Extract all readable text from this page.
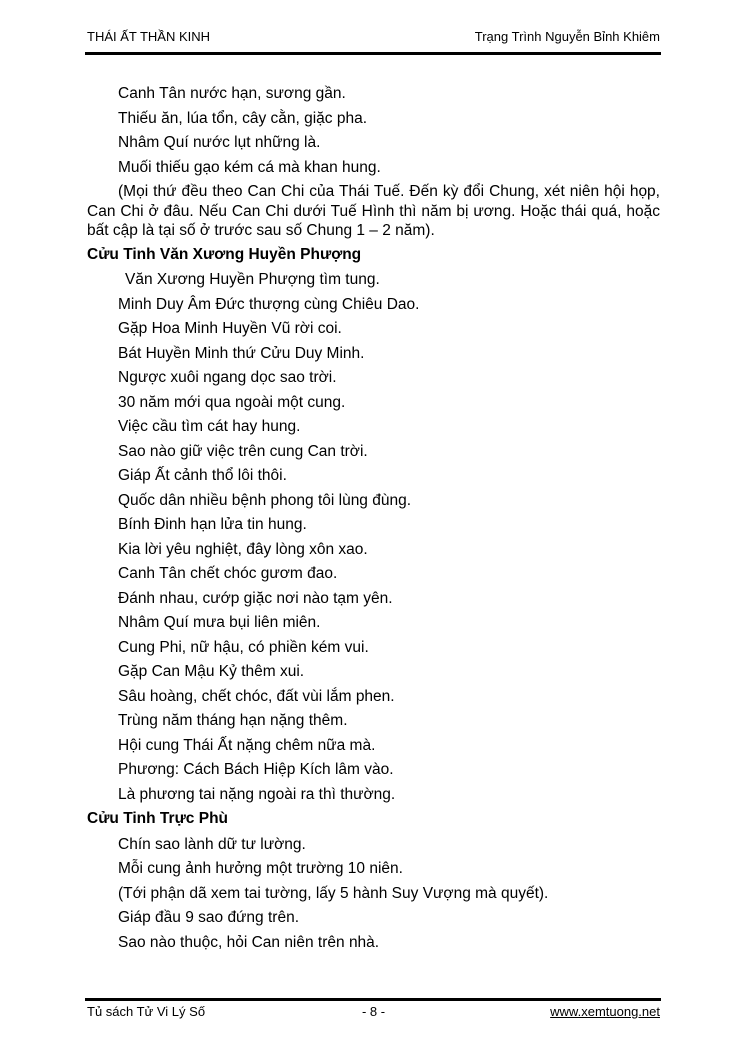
THÁI ẤT THẦN KINH	Trạng Trình Nguyễn Bỉnh Khiêm

Canh Tân nước hạn, sương gần.

Thiếu ăn, lúa tổn, cây cằn, giặc pha.

Nhâm Quí nước lụt những là.

Muối thiếu gạo kém cá mà khan hung.

(Mọi thứ đều theo Can Chi của Thái Tuế. Đến kỳ đổi Chung, xét niên hội họp, Can Chi ở đâu. Nếu Can Chi dưới Tuế Hình thì năm bị ương. Hoặc thái quá, hoặc bất cập là tại số ở trước sau số Chung 1 – 2 năm).

Cửu Tinh Văn Xương Huyền Phượng

Văn Xương Huyền Phượng tìm tung.

Minh Duy Âm Đức thượng cùng Chiêu Dao.

Gặp Hoa Minh Huyền Vũ rời coi.

Bát Huyền Minh thứ Cửu Duy Minh.

Ngược xuôi ngang dọc sao trời.

30 năm mới qua ngoài một cung.

Việc cầu tìm cát hay hung.

Sao nào giữ việc trên cung Can trời.

Giáp Ất cảnh thổ lôi thôi.

Quốc dân nhiều bệnh phong tôi lùng đùng.

Bính Đinh hạn lửa tin hung.

Kia lời yêu nghiệt, đây lòng xôn xao.

Canh Tân chết chóc gươm đao.

Đánh nhau, cướp giặc nơi nào tạm yên.

Nhâm Quí mưa bụi liên miên.

Cung Phi, nữ hậu, có phiền kém vui.

Gặp Can Mậu Kỷ thêm xui.

Sâu hoàng, chết chóc, đất vùi lắm phen.

Trùng năm tháng hạn nặng thêm.

Hội cung Thái Ất nặng chêm nữa mà.

Phương: Cách Bách Hiệp Kích lâm vào.

Là phương tai nặng ngoài ra thì thường.

Cửu Tinh Trực Phù

Chín sao lành dữ tư lường.

Mỗi cung ảnh hưởng một trường 10 niên.

(Tới phận dã xem tai tường, lấy 5 hành Suy Vượng mà quyết).

Giáp đầu 9 sao đứng trên.

Sao nào thuộc, hỏi Can niên trên nhà.

Tủ sách Tử Vi Lý Số	- 8 -	www.xemtuong.net
